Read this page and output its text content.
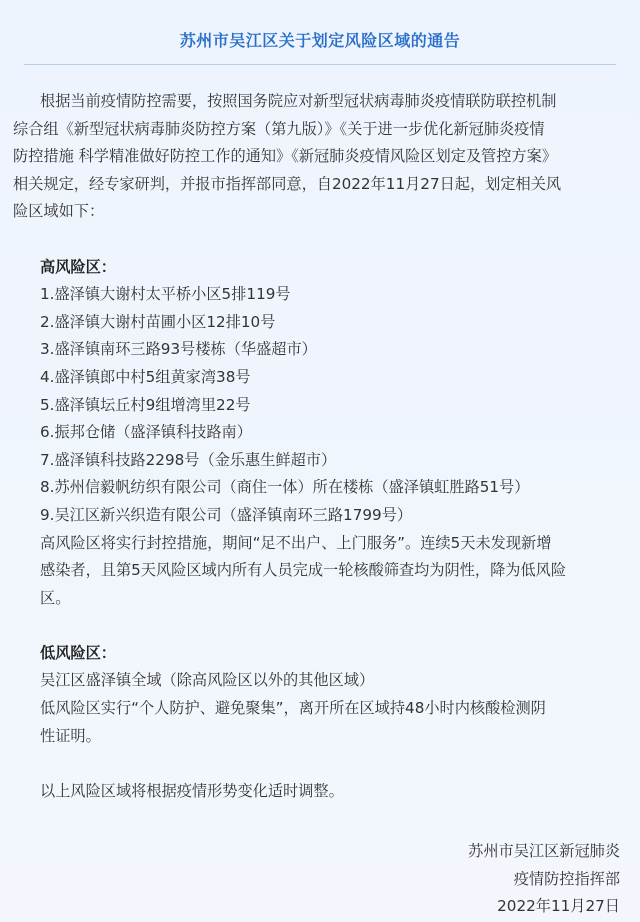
苏州市吴江区关于划定风险区域的通告
根据当前疫情防控需要，按照国务院应对新型冠状病毒肺炎疫情联防联控机制
综合组《新型冠状病毒肺炎防控方案（第九版）》《关于进一步优化新冠肺炎疫情
防控措施 科学精准做好防控工作的通知》《新冠肺炎疫情风险区划定及管控方案》
相关规定，经专家研判，并报市指挥部同意，自2022年11月27日起，划定相关风
险区域如下：
高风险区：
1.盛泽镇大谢村太平桥小区5排119号
2.盛泽镇大谢村苗圃小区12排10号
3.盛泽镇南环三路93号楼栋（华盛超市）
4.盛泽镇郎中村5组黄家湾38号
5.盛泽镇坛丘村9组增湾里22号
6.振邦仓储（盛泽镇科技路南）
7.盛泽镇科技路2298号（金乐惠生鲜超市）
8.苏州信毅帆纺织有限公司（商住一体）所在楼栋（盛泽镇虹胜路51号）
9.吴江区新兴织造有限公司（盛泽镇南环三路1799号）
高风险区将实行封控措施，期间“足不出户、上门服务”。连续5天未发现新增
感染者，且第5天风险区域内所有人员完成一轮核酸筛查均为阴性，降为低风险
区。
低风险区：
吴江区盛泽镇全域（除高风险区以外的其他区域）
低风险区实行“个人防护、避免聚集”，离开所在区域持48小时内核酸检测阴
性证明。
以上风险区域将根据疫情形势变化适时调整。
苏州市吴江区新冠肺炎
疫情防控指挥部
2022年11月27日
